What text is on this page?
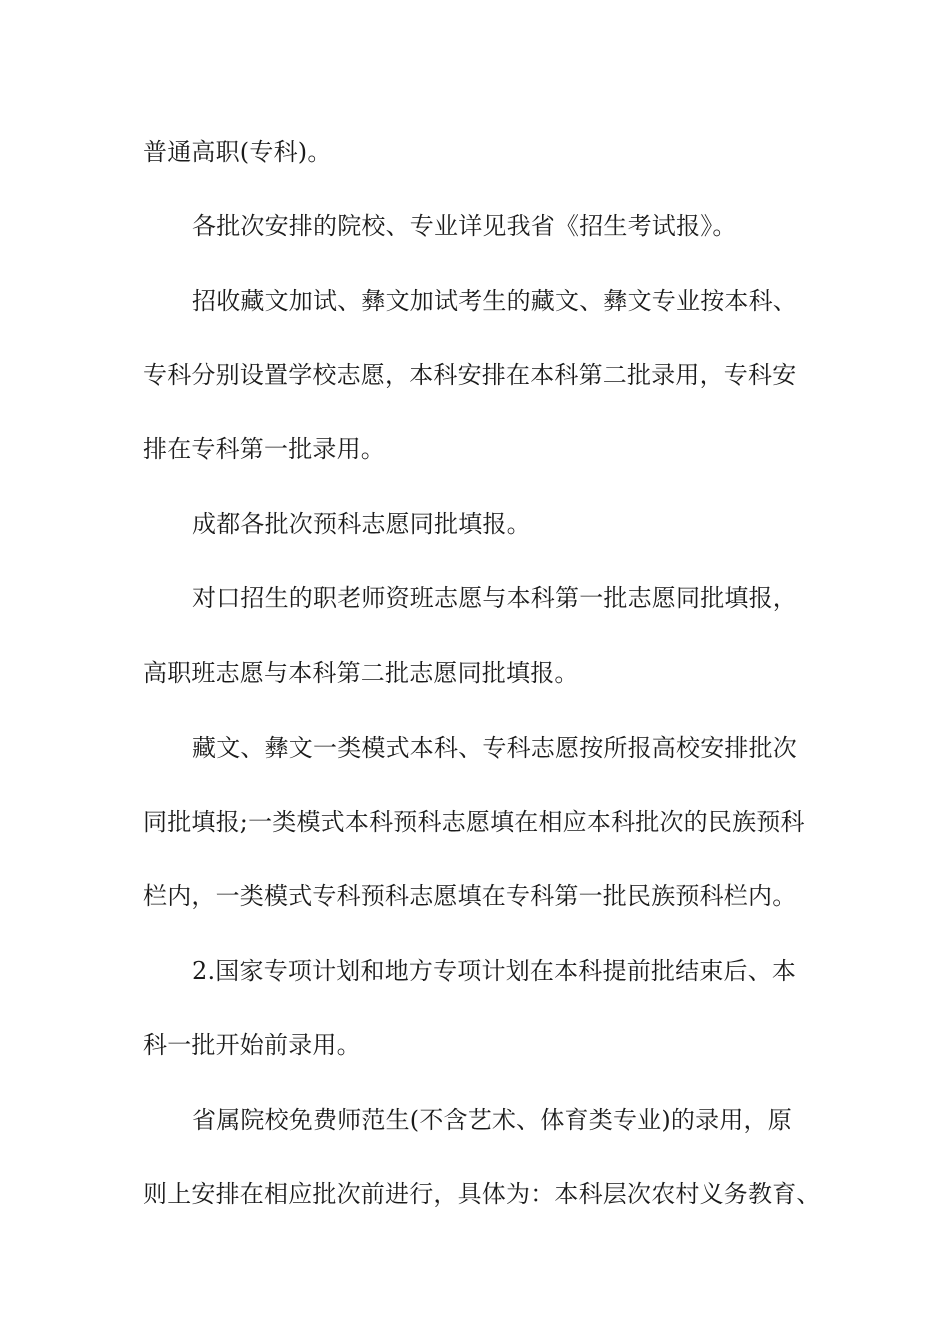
普通高职(专科)。
各批次安排的院校、专业详见我省《招生考试报》。
招收藏文加试、彝文加试考生的藏文、彝文专业按本科、
专科分别设置学校志愿，本科安排在本科第二批录用，专科安
排在专科第一批录用。
成都各批次预科志愿同批填报。
对口招生的职老师资班志愿与本科第一批志愿同批填报，
高职班志愿与本科第二批志愿同批填报。
藏文、彝文一类模式本科、专科志愿按所报高校安排批次
同批填报;一类模式本科预科志愿填在相应本科批次的民族预科
栏内，一类模式专科预科志愿填在专科第一批民族预科栏内。
2.国家专项计划和地方专项计划在本科提前批结束后、本
科一批开始前录用。
省属院校免费师范生(不含艺术、体育类专业)的录用，原
则上安排在相应批次前进行，具体为：本科层次农村义务教育、
